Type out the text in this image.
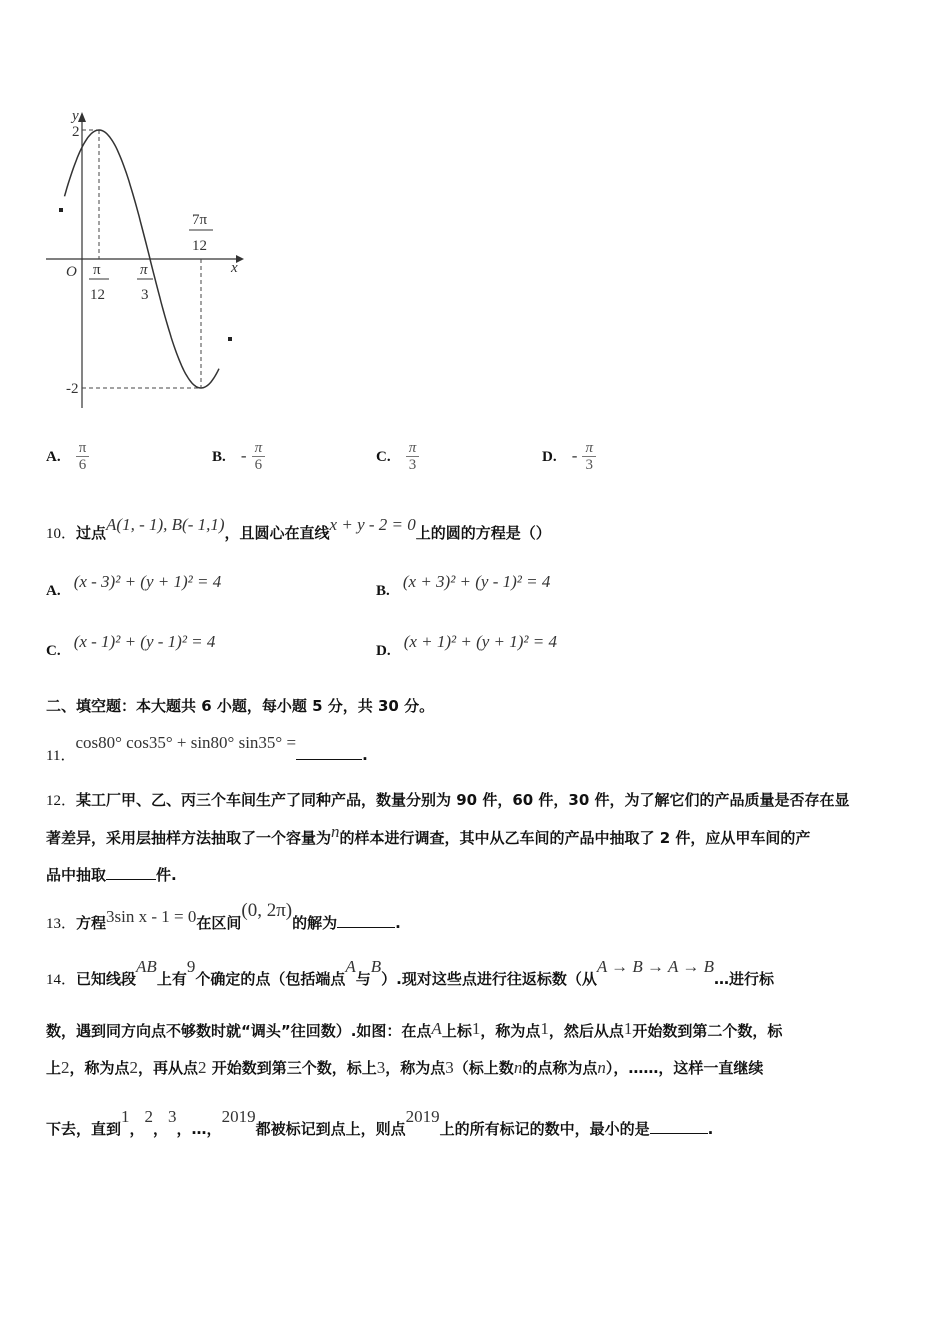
y
x
O
2
-2
π
12
π
3
7π
12
A. $\frac{\pi}{6}$	B. - $\frac{\pi}{6}$	C. $\frac{\pi}{3}$	D. - $\frac{\pi}{3}$
10．过点A(1, - 1), B(- 1,1)，且圆心在直线x + y - 2 = 0上的圆的方程是（）
A. (x - 3)² + (y + 1)² = 4	B. (x + 3)² + (y - 1)² = 4
C. (x - 1)² + (y - 1)² = 4	D. (x + 1)² + (y + 1)² = 4
二、填空题：本大题共 6 小题，每小题 5 分，共 30 分。
11．cos80° cos35° + sin80° sin35° =.
12．某工厂甲、乙、丙三个车间生产了同种产品，数量分别为 90 件，60 件，30 件，为了解它们的产品质量是否存在显
著差异，采用层抽样方法抽取了一个容量为n的样本进行调查，其中从乙车间的产品中抽取了 2 件，应从甲车间的产
品中抽取	件.
13．方程3sin x - 1 = 0在区间(0, 2π)的解为	.
14．已知线段AB上有9个确定的点（包括端点A与B）.现对这些点进行往返标数（从A → B → A → B…进行标
数，遇到同方向点不够数时就“调头”往回数）.如图：在点A上标1，称为点1，然后从点1开始数到第二个数，标
上2，称为点2，再从点2 开始数到第三个数，标上3，称为点3（标上数n的点称为点n），……，这样一直继续
下去，直到1，2，3，…，2019都被标记到点上，则点2019上的所有标记的数中，最小的是	.
